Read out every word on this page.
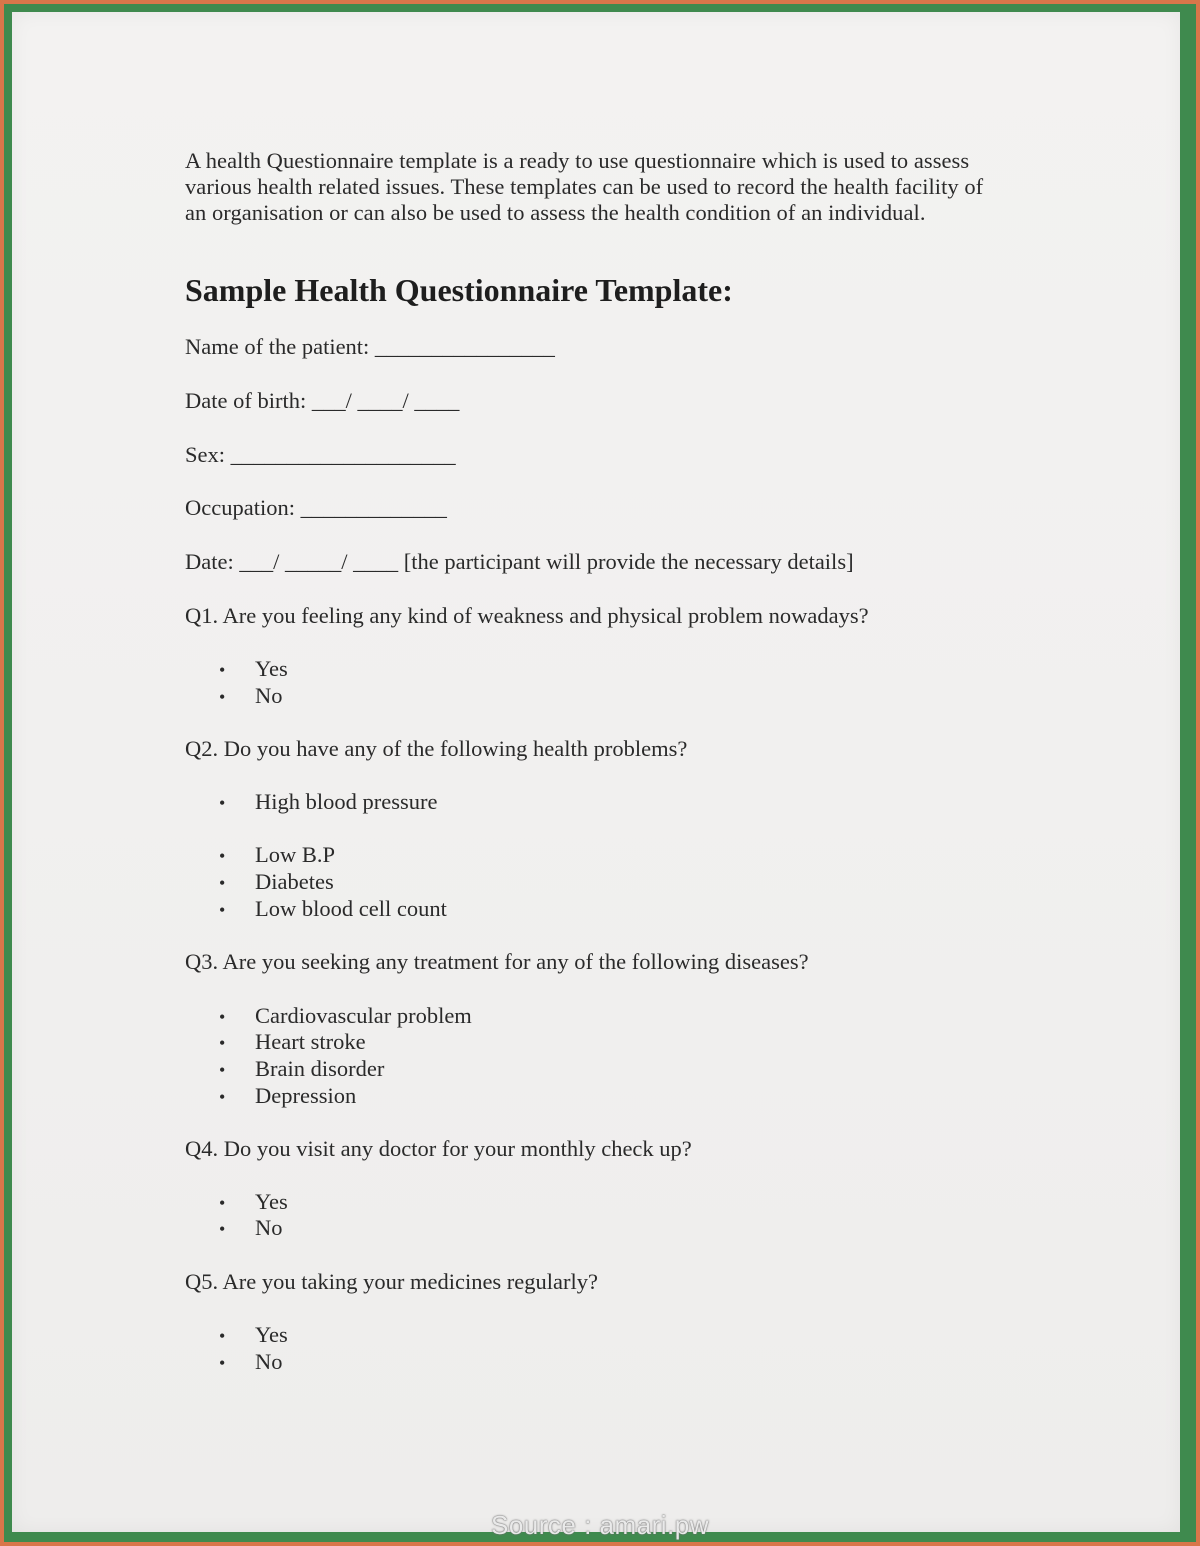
A health Questionnaire template is a ready to use questionnaire which is used to assess
various health related issues. These templates can be used to record the health facility of
an organisation or can also be used to assess the health condition of an individual.

Sample Health Questionnaire Template:
Name of the patient: ________________
Date of birth: ___/ ____/ ____
Sex: ____________________
Occupation: _____________
Date: ___/ _____/ ____ [the participant will provide the necessary details]
Q1. Are you feeling any kind of weakness and physical problem nowadays?
• Yes
• No
Q2. Do you have any of the following health problems?
• High blood pressure
• Low B.P
• Diabetes
• Low blood cell count
Q3. Are you seeking any treatment for any of the following diseases?
• Cardiovascular problem
• Heart stroke
• Brain disorder
• Depression
Q4. Do you visit any doctor for your monthly check up?
• Yes
• No
Q5. Are you taking your medicines regularly?
• Yes
• No
Source : amari.pw
